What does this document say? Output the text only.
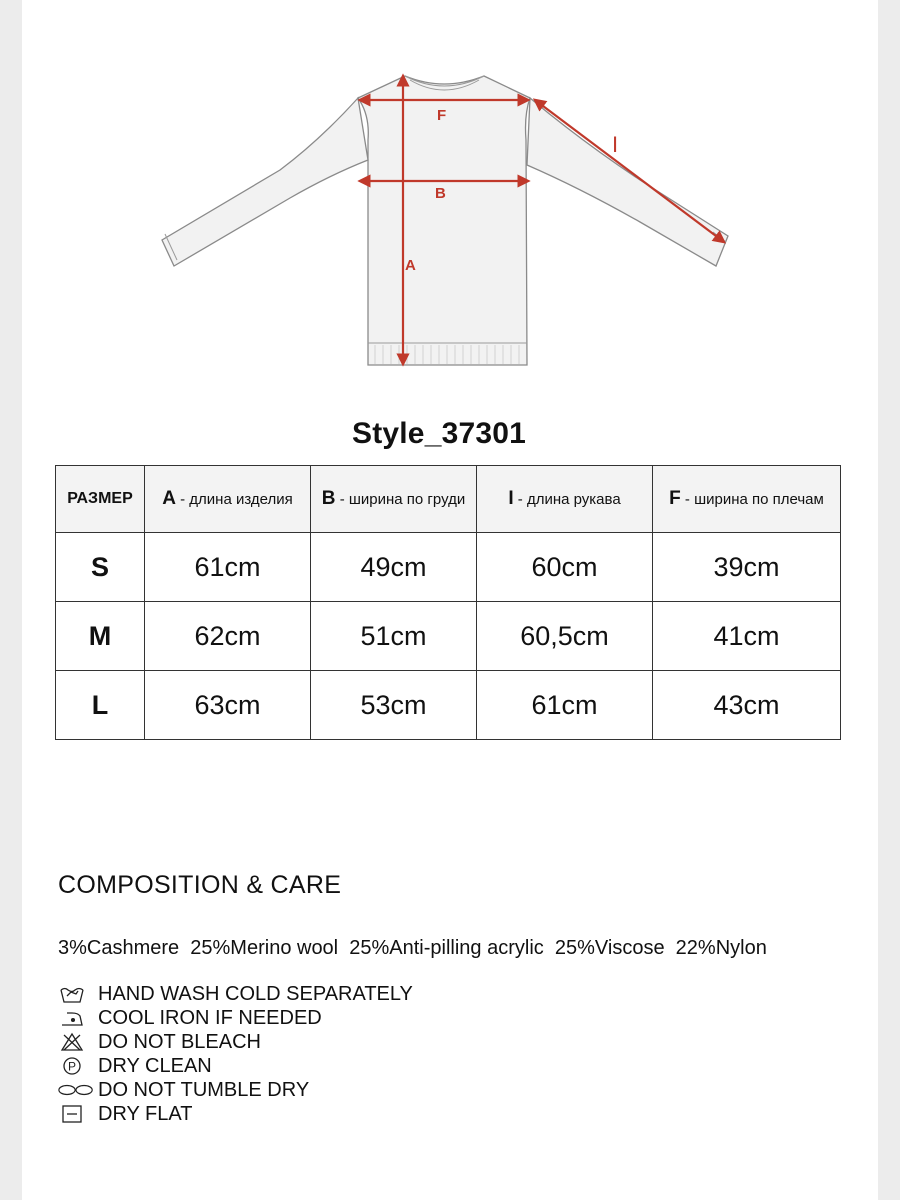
F
B
A
I
Style_37301
РАЗМЕР	A - длина изделия	B - ширина по груди	I - длина рукава	F - ширина по плечам
S	61cm	49cm	60cm	39cm
M	62cm	51cm	60,5cm	41cm
L	63cm	53cm	61cm	43cm
COMPOSITION & CARE
3%Cashmere  25%Merino wool  25%Anti-pilling acrylic  25%Viscose  22%Nylon
HAND WASH COLD SEPARATELY
COOL IRON IF NEEDED
DO NOT BLEACH
P DRY CLEAN
DO NOT TUMBLE DRY
DRY FLAT
